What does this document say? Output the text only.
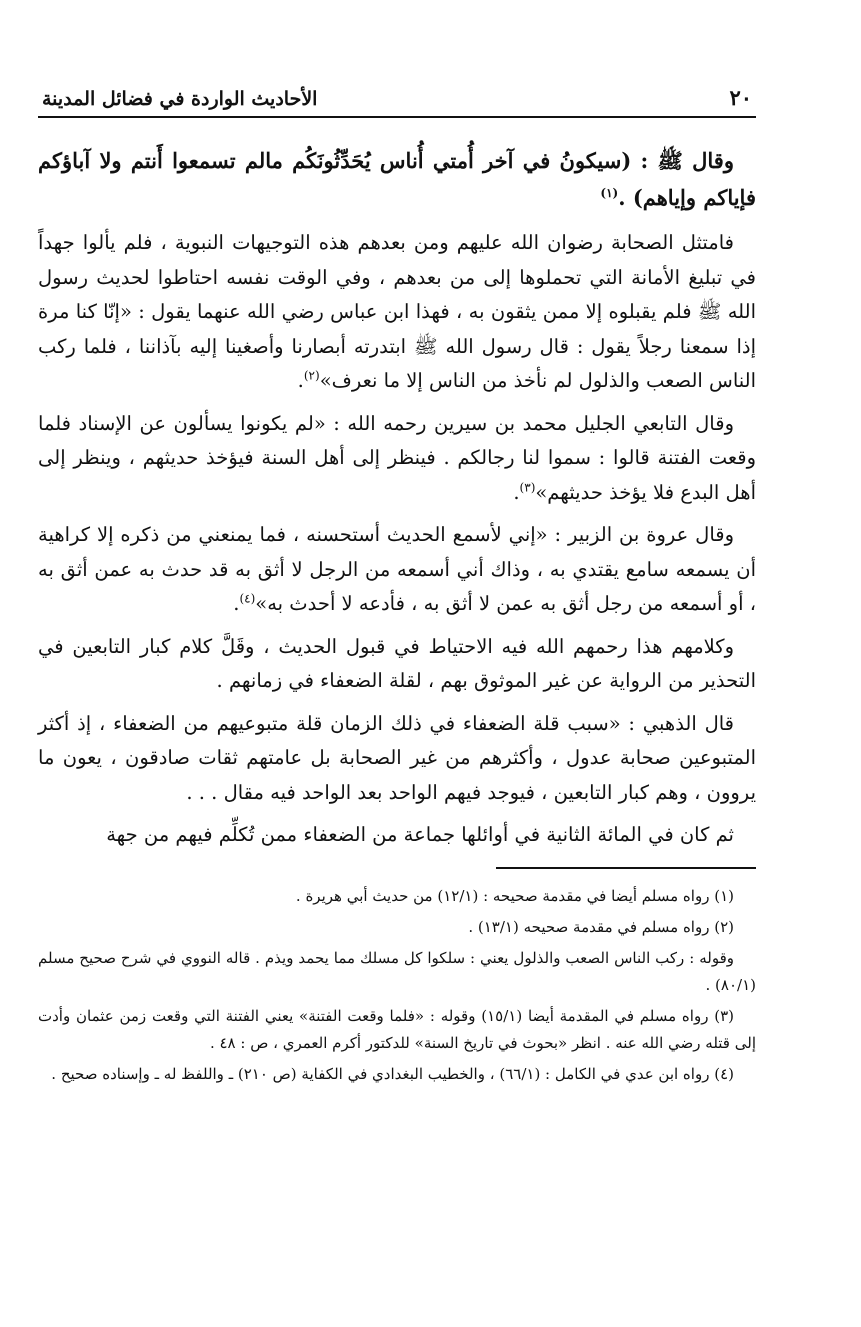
٢٠
الأحاديث الواردة في فضائل المدينة

وقال ﷺ : (سيكونُ في آخر أُمتي أُناس يُحَدِّثُونَكُم مالم تسمعوا أَنتم ولا آباؤكم فإياكم وإياهم) .$^{(١)}$

فامتثل الصحابة رضوان الله عليهم ومن بعدهم هذه التوجيهات النبوية ، فلم يألوا جهداً في تبليغ الأمانة التي تحملوها إلى من بعدهم ، وفي الوقت نفسه احتاطوا لحديث رسول الله ﷺ فلم يقبلوه إلا ممن يثقون به ، فهذا ابن عباس رضي الله عنهما يقول : «إنّا كنا مرة إذا سمعنا رجلاً يقول : قال رسول الله ﷺ ابتدرته أبصارنا وأصغينا إليه بآذاننا ، فلما ركب الناس الصعب والذلول لم نأخذ من الناس إلا ما نعرف»$^{(٢)}$.

وقال التابعي الجليل محمد بن سيرين رحمه الله : «لم يكونوا يسألون عن الإسناد فلما وقعت الفتنة قالوا : سموا لنا رجالكم . فينظر إلى أهل السنة فيؤخذ حديثهم ، وينظر إلى أهل البدع فلا يؤخذ حديثهم»$^{(٣)}$.

وقال عروة بن الزبير : «إني لأسمع الحديث أستحسنه ، فما يمنعني من ذكره إلا كراهية أن يسمعه سامع يقتدي به ، وذاك أني أسمعه من الرجل لا أثق به قد حدث به عمن أثق به ، أو أسمعه من رجل أثق به عمن لا أثق به ، فأدعه لا أحدث به»$^{(٤)}$.

وكلامهم هذا رحمهم الله فيه الاحتياط في قبول الحديث ، وقَلَّ كلام كبار التابعين في التحذير من الرواية عن غير الموثوق بهم ، لقلة الضعفاء في زمانهم .

قال الذهبي : «سبب قلة الضعفاء في ذلك الزمان قلة متبوعيهم من الضعفاء ، إذ أكثر المتبوعين صحابة عدول ، وأكثرهم من غير الصحابة بل عامتهم ثقات صادقون ، يعون ما يروون ، وهم كبار التابعين ، فيوجد فيهم الواحد بعد الواحد فيه مقال . . .

ثم كان في المائة الثانية في أوائلها جماعة من الضعفاء ممن تُكلِّم فيهم من جهة

(١) رواه مسلم أيضا في مقدمة صحيحه : (١٢/١) من حديث أبي هريرة .

(٢) رواه مسلم في مقدمة صحيحه (١٣/١) .

وقوله : ركب الناس الصعب والذلول يعني : سلكوا كل مسلك مما يحمد ويذم . قاله النووي في شرح صحيح مسلم (٨٠/١) .

(٣) رواه مسلم في المقدمة أيضا (١٥/١) وقوله : «فلما وقعت الفتنة» يعني الفتنة التي وقعت زمن عثمان وأدت إلى قتله رضي الله عنه . انظر «بحوث في تاريخ السنة» للدكتور أكرم العمري ، ص : ٤٨ .

(٤) رواه ابن عدي في الكامل : (٦٦/١) ، والخطيب البغدادي في الكفاية (ص ٢١٠) ـ واللفظ له ـ وإسناده صحيح .
